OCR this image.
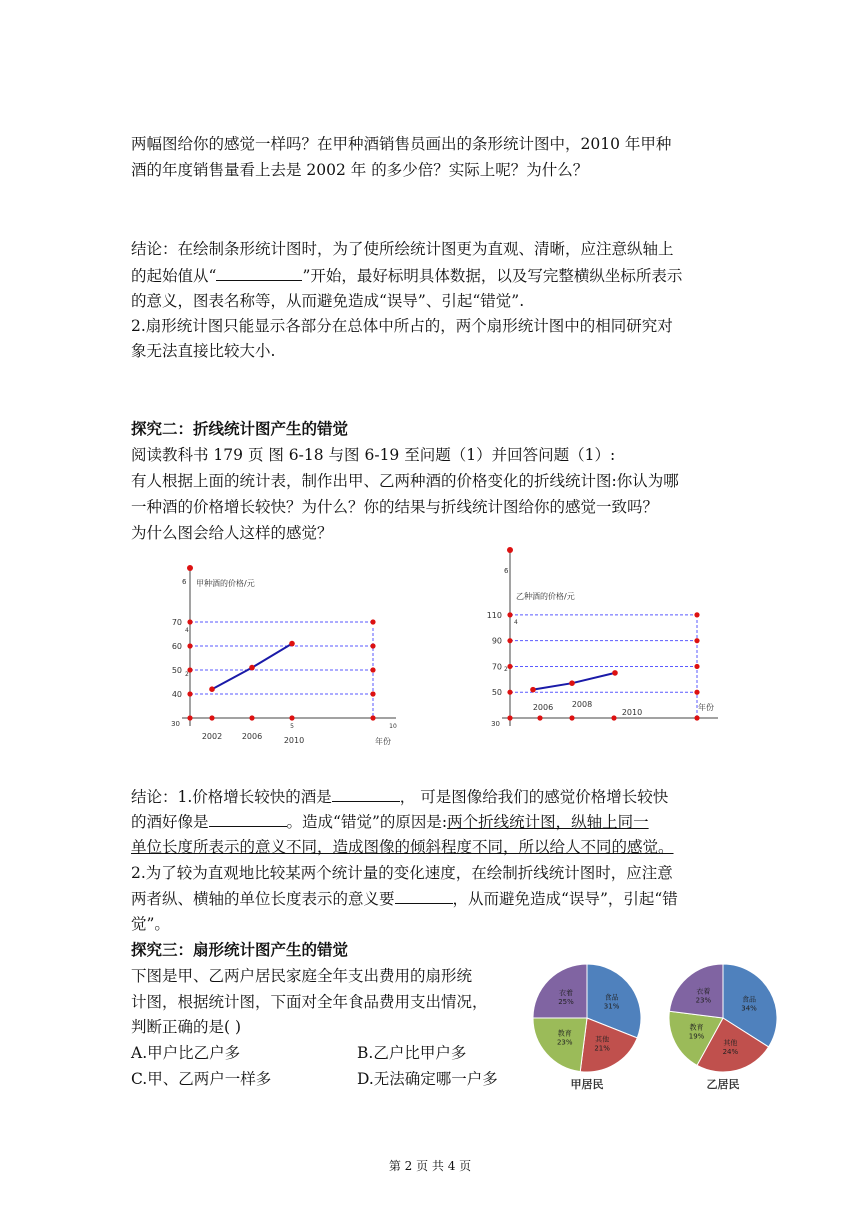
两幅图给你的感觉一样吗？在甲种酒销售员画出的条形统计图中，2010 年甲种
酒的年度销售量看上去是 2002 年 的多少倍？实际上呢？为什么？
结论：在绘制条形统计图时，为了使所绘统计图更为直观、清晰，应注意纵轴上
的起始值从“	”开始，最好标明具体数据，以及写完整横纵坐标所表示
的意义，图表名称等，从而避免造成“误导”、引起“错觉”.
2.扇形统计图只能显示各部分在总体中所占的，两个扇形统计图中的相同研究对
象无法直接比较大小.
探究二：折线统计图产生的错觉
阅读教科书 179 页 图 6-18 与图 6-19 至问题（1）并回答问题（1）:
有人根据上面的统计表，制作出甲、乙两种酒的价格变化的折线统计图:你认为哪
一种酒的价格增长较快？为什么？你的结果与折线统计图给你的感觉一致吗？
为什么图会给人这样的感觉？
甲种酒的价格/元
40
50
60
70
30
2002 2006	2010	年份
6
4
2
5	10
乙种酒的价格/元
50
70
90
110
30
2006 2008
2010
年份
6
4
2
结论：1.价格增长较快的酒是	， 可是图像给我们的感觉价格增长较快
的酒好像是	。造成“错觉”的原因是:两个折线统计图，纵轴上同一
单位长度所表示的意义不同，造成图像的倾斜程度不同，所以给人不同的感觉。
2.为了较为直观地比较某两个统计量的变化速度，在绘制折线统计图时，应注意
两者纵、横轴的单位长度表示的意义要	，从而避免造成“误导”，引起“错
觉”。
探究三：扇形统计图产生的错觉
下图是甲、乙两户居民家庭全年支出费用的扇形统
计图，根据统计图，下面对全年食品费用支出情况，
判断正确的是( )
A.甲户比乙户多	B.乙户比甲户多
C.甲、乙两户一样多	D.无法确定哪一户多
食品
31%
其他
21%
教育
23%
衣着
25%
甲居民
食品
34%
其他
24%
教育
19%
衣着
23%
乙居民
第 2 页 共 4 页
